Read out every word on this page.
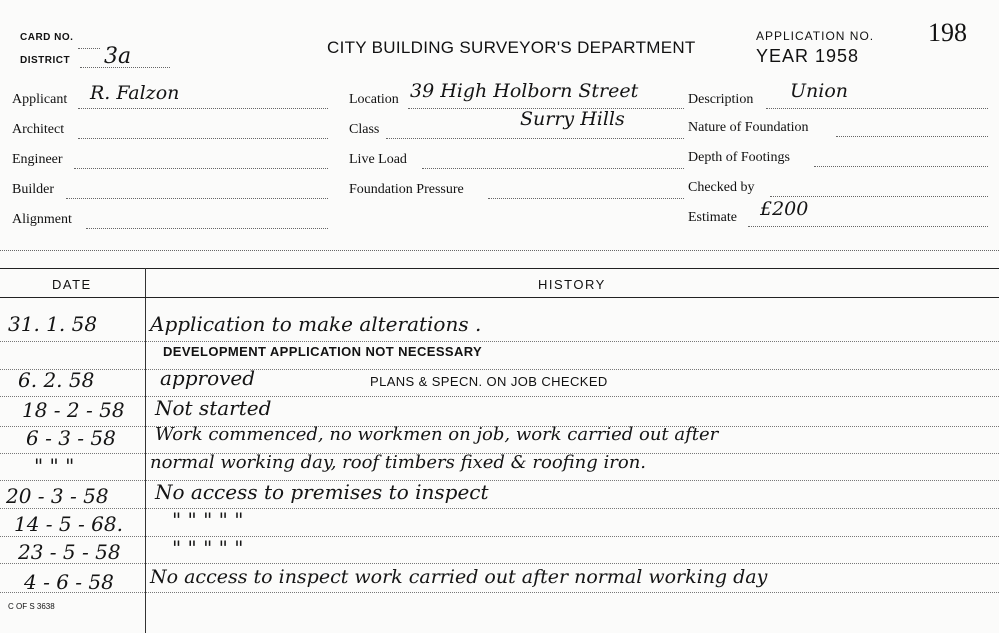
CARD NO.
DISTRICT 3a	CITY BUILDING SURVEYOR'S DEPARTMENT
APPLICATION NO.
YEAR 1958
198
Applicant R. Falzon
Architect
Engineer
Builder
Alignment
Location 39 High Holborn Street
Class	Surry Hills
Live Load
Foundation Pressure
Description Union
Nature of Foundation
Depth of Footings
Checked by
Estimate £200
DATE	HISTORY
31. 1. 58	Application to make alterations .
DEVELOPMENT APPLICATION NOT NECESSARY
6. 2. 58	approved	PLANS & SPECN. ON JOB CHECKED
18 - 2 - 58 Not started
6 - 3 - 58 Work commenced, no workmen on job, work carried out after
" " "	normal working day, roof timbers fixed & roofing iron.
20 - 3 - 58 No access to premises to inspect
14 - 5 - 68. " " " " "
23 - 5 - 58	" " " " "
4 - 6 - 58 No access to inspect work carried out after normal working day
C OF S 3638
